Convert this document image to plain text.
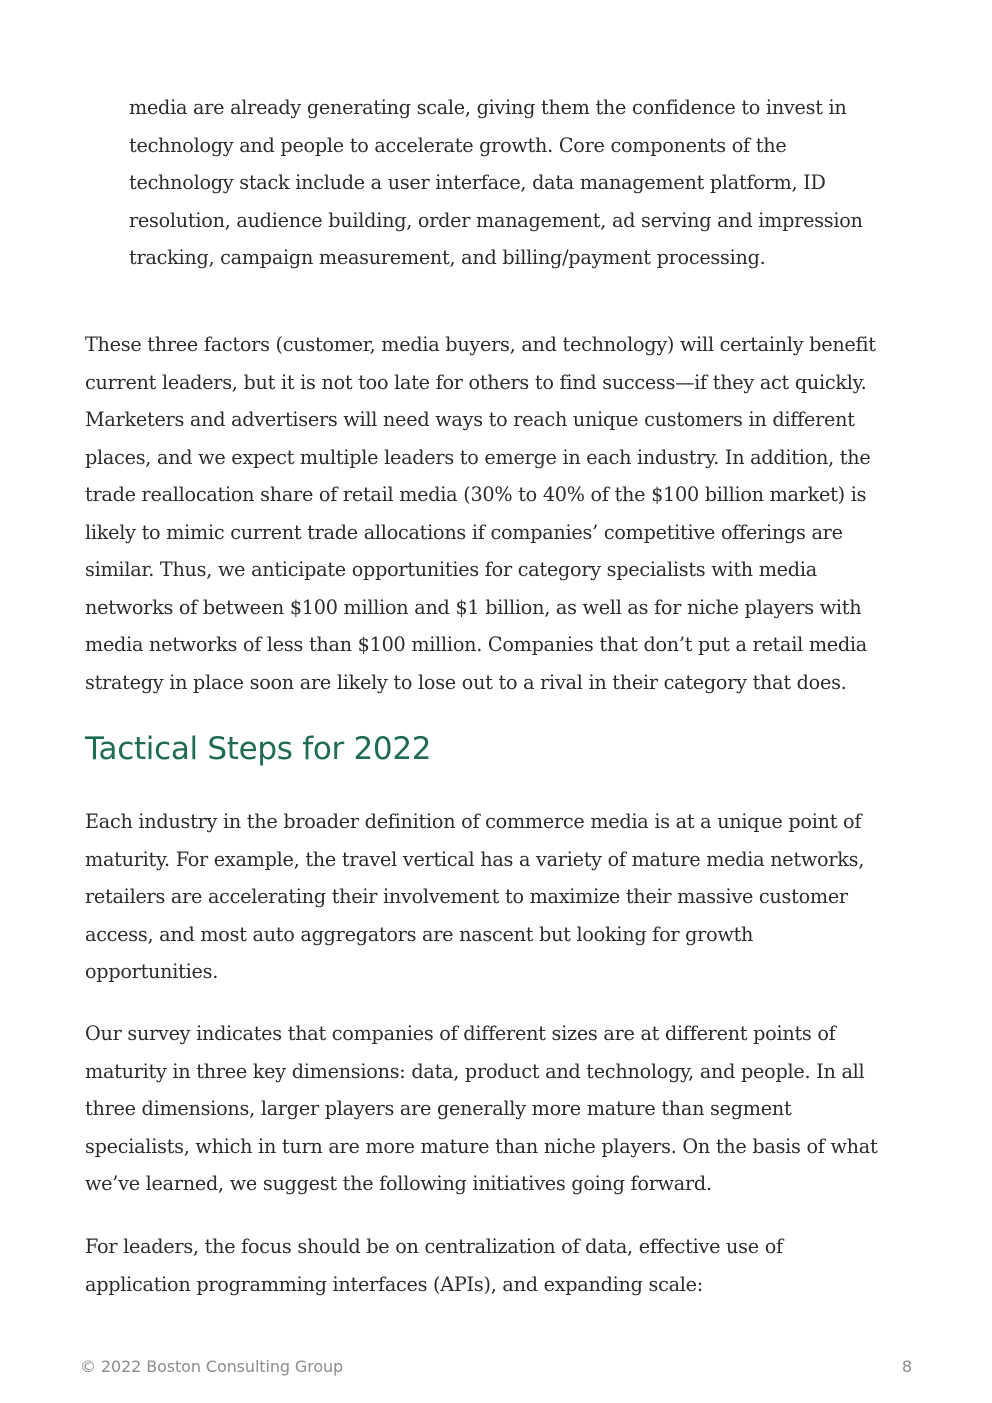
media are already generating scale, giving them the confidence to invest in
technology and people to accelerate growth. Core components of the
technology stack include a user interface, data management platform, ID
resolution, audience building, order management, ad serving and impression
tracking, campaign measurement, and billing/payment processing.

These three factors (customer, media buyers, and technology) will certainly benefit
current leaders, but it is not too late for others to find success—if they act quickly.
Marketers and advertisers will need ways to reach unique customers in different
places, and we expect multiple leaders to emerge in each industry. In addition, the
trade reallocation share of retail media (30% to 40% of the $100 billion market) is
likely to mimic current trade allocations if companies’ competitive offerings are
similar. Thus, we anticipate opportunities for category specialists with media
networks of between $100 million and $1 billion, as well as for niche players with
media networks of less than $100 million. Companies that don’t put a retail media
strategy in place soon are likely to lose out to a rival in their category that does.

Tactical Steps for 2022

Each industry in the broader definition of commerce media is at a unique point of
maturity. For example, the travel vertical has a variety of mature media networks,
retailers are accelerating their involvement to maximize their massive customer
access, and most auto aggregators are nascent but looking for growth
opportunities.

Our survey indicates that companies of different sizes are at different points of
maturity in three key dimensions: data, product and technology, and people. In all
three dimensions, larger players are generally more mature than segment
specialists, which in turn are more mature than niche players. On the basis of what
we’ve learned, we suggest the following initiatives going forward.

For leaders, the focus should be on centralization of data, effective use of
application programming interfaces (APIs), and expanding scale:

© 2022 Boston Consulting Group	8
